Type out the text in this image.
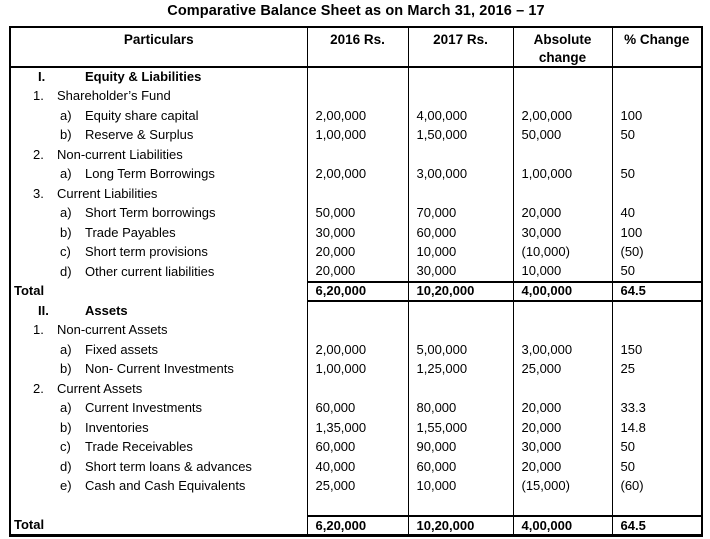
Comparative Balance Sheet as on March 31, 2016 – 17
Particulars	2016 Rs.	2017 Rs.	Absolute change	% Change
I. Equity & Liabilities				
1. Shareholder’s Fund				
a) Equity share capital	2,00,000	4,00,000	2,00,000	100
b) Reserve & Surplus	1,00,000	1,50,000	50,000	50
2. Non-current Liabilities				
a) Long Term Borrowings	2,00,000	3,00,000	1,00,000	50
3. Current Liabilities				
a) Short Term borrowings	50,000	70,000	20,000	40
b) Trade Payables	30,000	60,000	30,000	100
c) Short term provisions	20,000	10,000	(10,000)	(50)
d) Other current liabilities	20,000	30,000	10,000	50
Total	6,20,000	10,20,000	4,00,000	64.5
II. Assets				
1. Non-current Assets				
a) Fixed assets	2,00,000	5,00,000	3,00,000	150
b) Non- Current Investments	1,00,000	1,25,000	25,000	25
2. Current Assets				
a) Current Investments	60,000	80,000	20,000	33.3
b) Inventories	1,35,000	1,55,000	20,000	14.8
c) Trade Receivables	60,000	90,000	30,000	50
d) Short term loans & advances	40,000	60,000	20,000	50
e) Cash and Cash Equivalents	25,000	10,000	(15,000)	(60)

Total	6,20,000	10,20,000	4,00,000	64.5
